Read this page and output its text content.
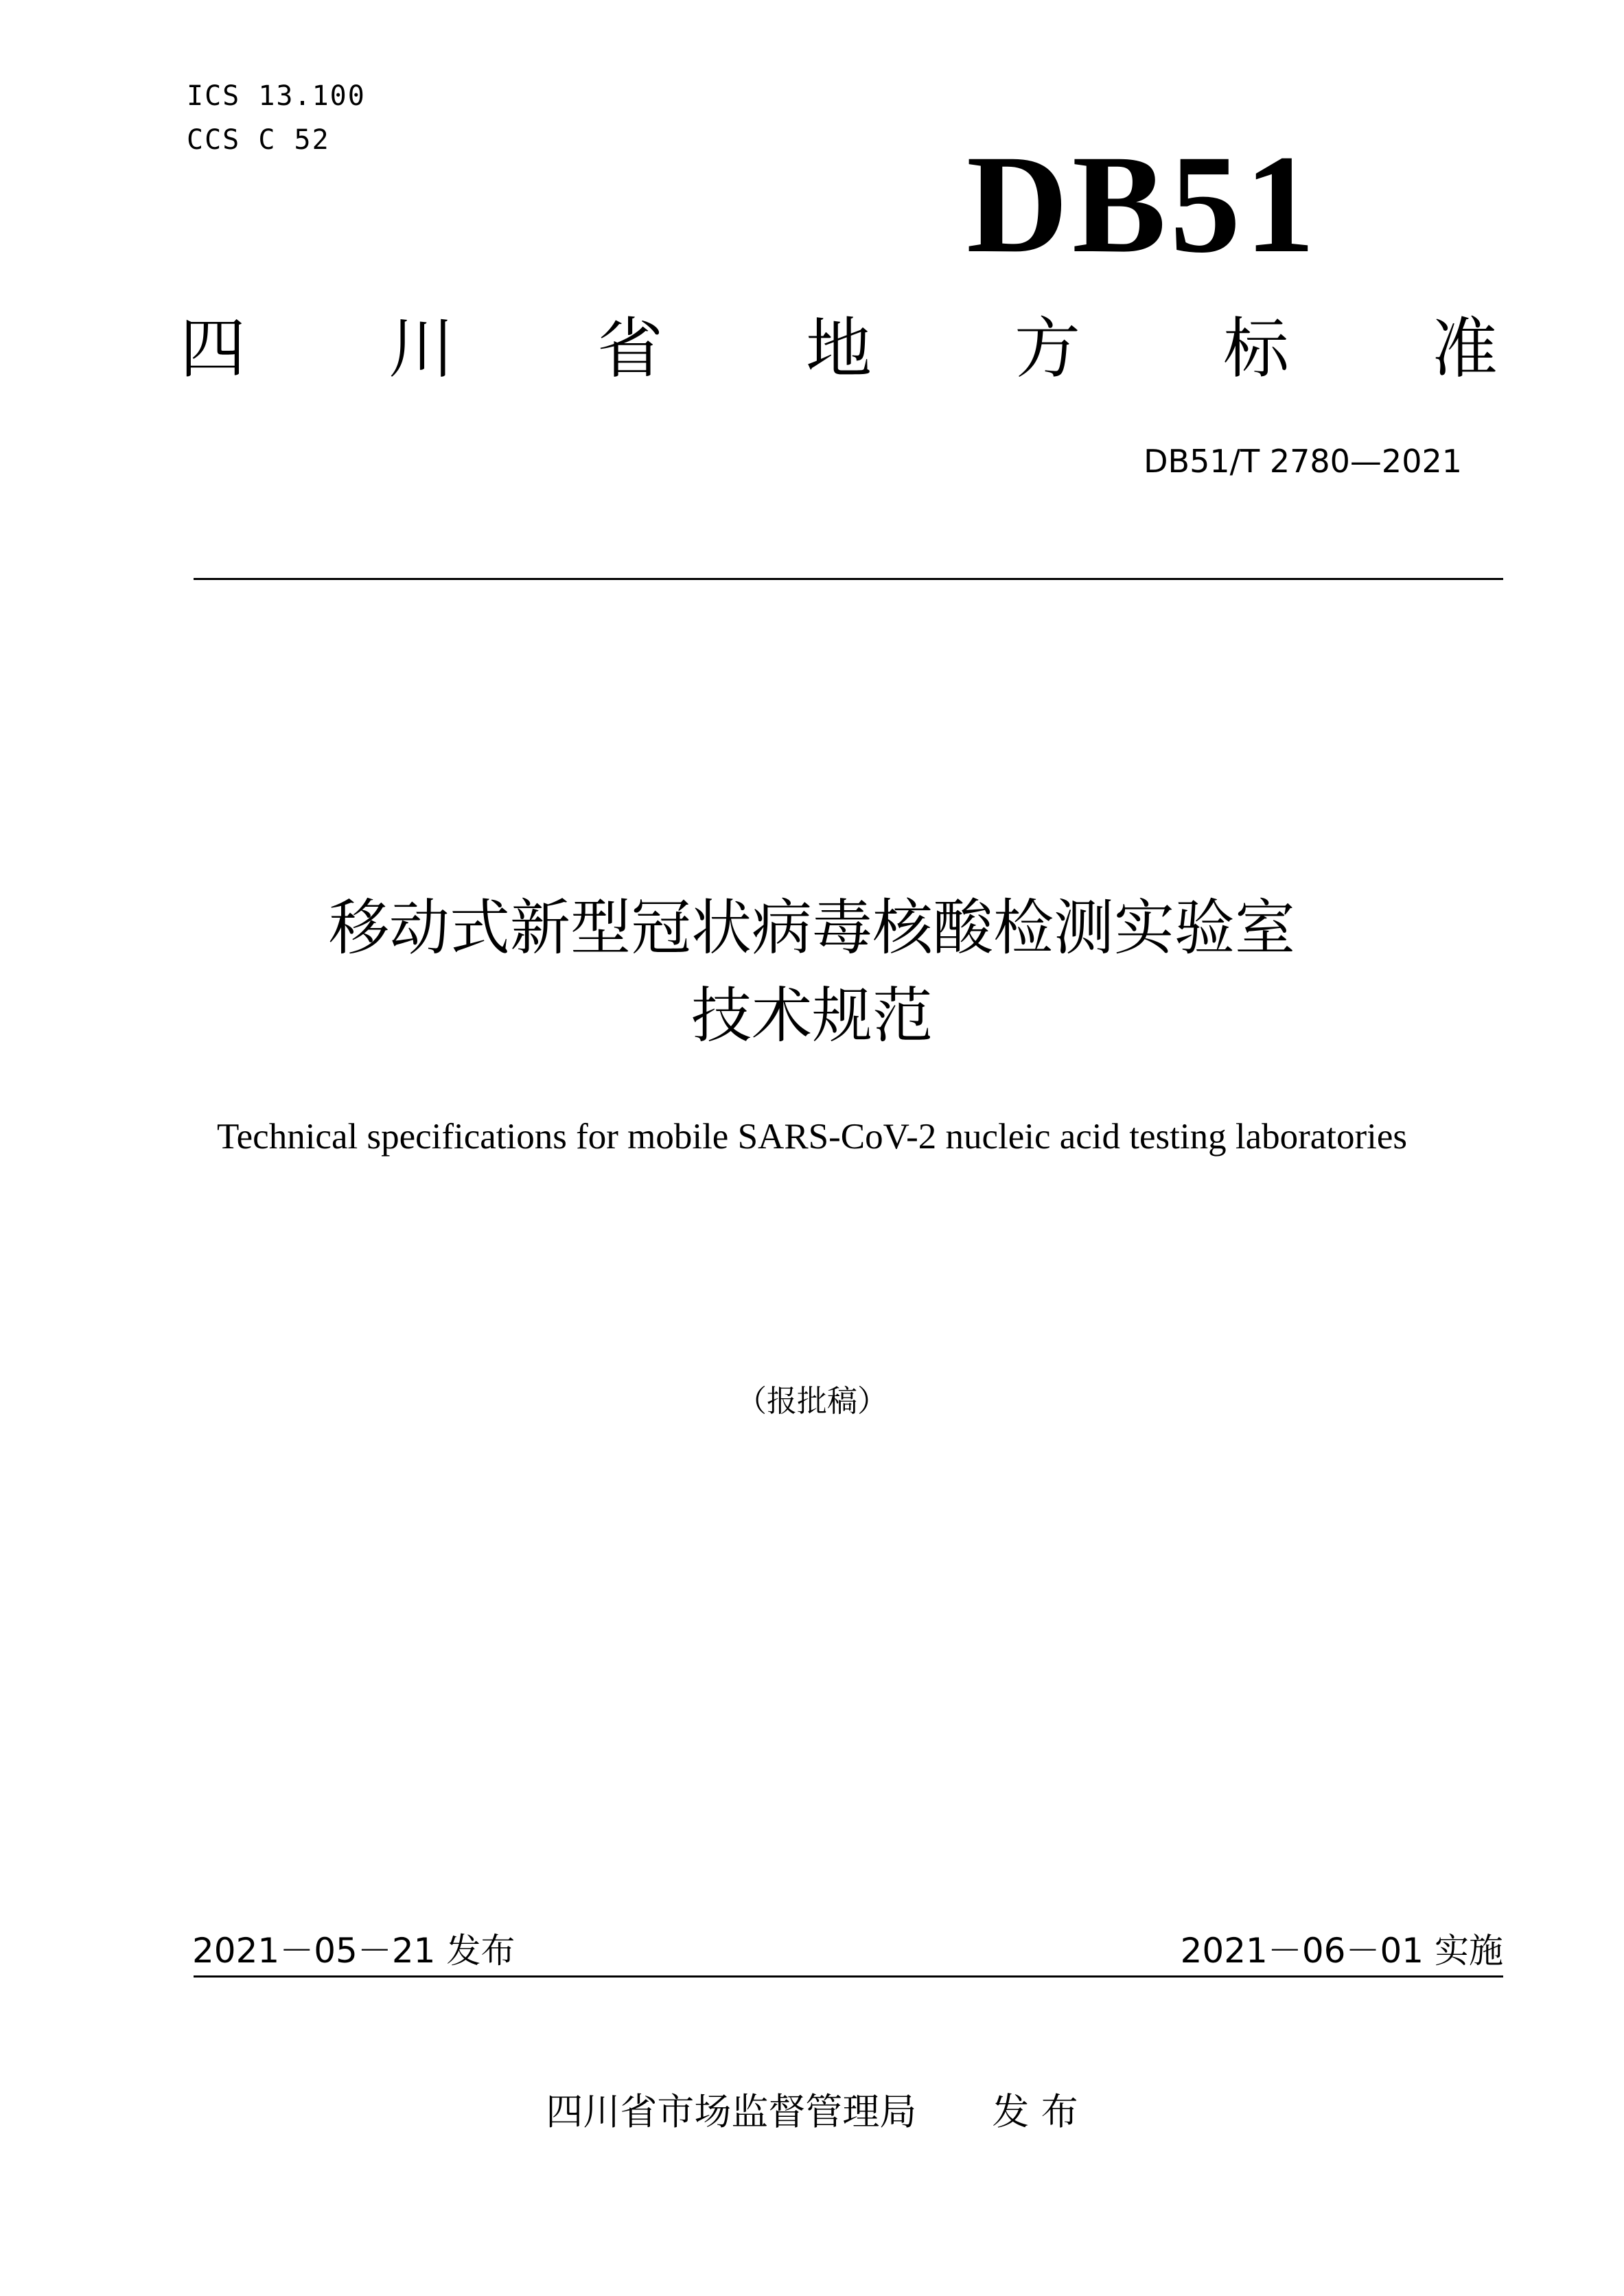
ICS 13.100
CCS C 52	DB51
四 川 省 地 方 标 准
DB51/T 2780—2021
移动式新型冠状病毒核酸检测实验室
技术规范
Technical specifications for mobile SARS-CoV-2 nucleic acid testing laboratories
（报批稿）
2021－05－21 发布	2021－06－01 实施
四川省市场监督管理局 发 布
